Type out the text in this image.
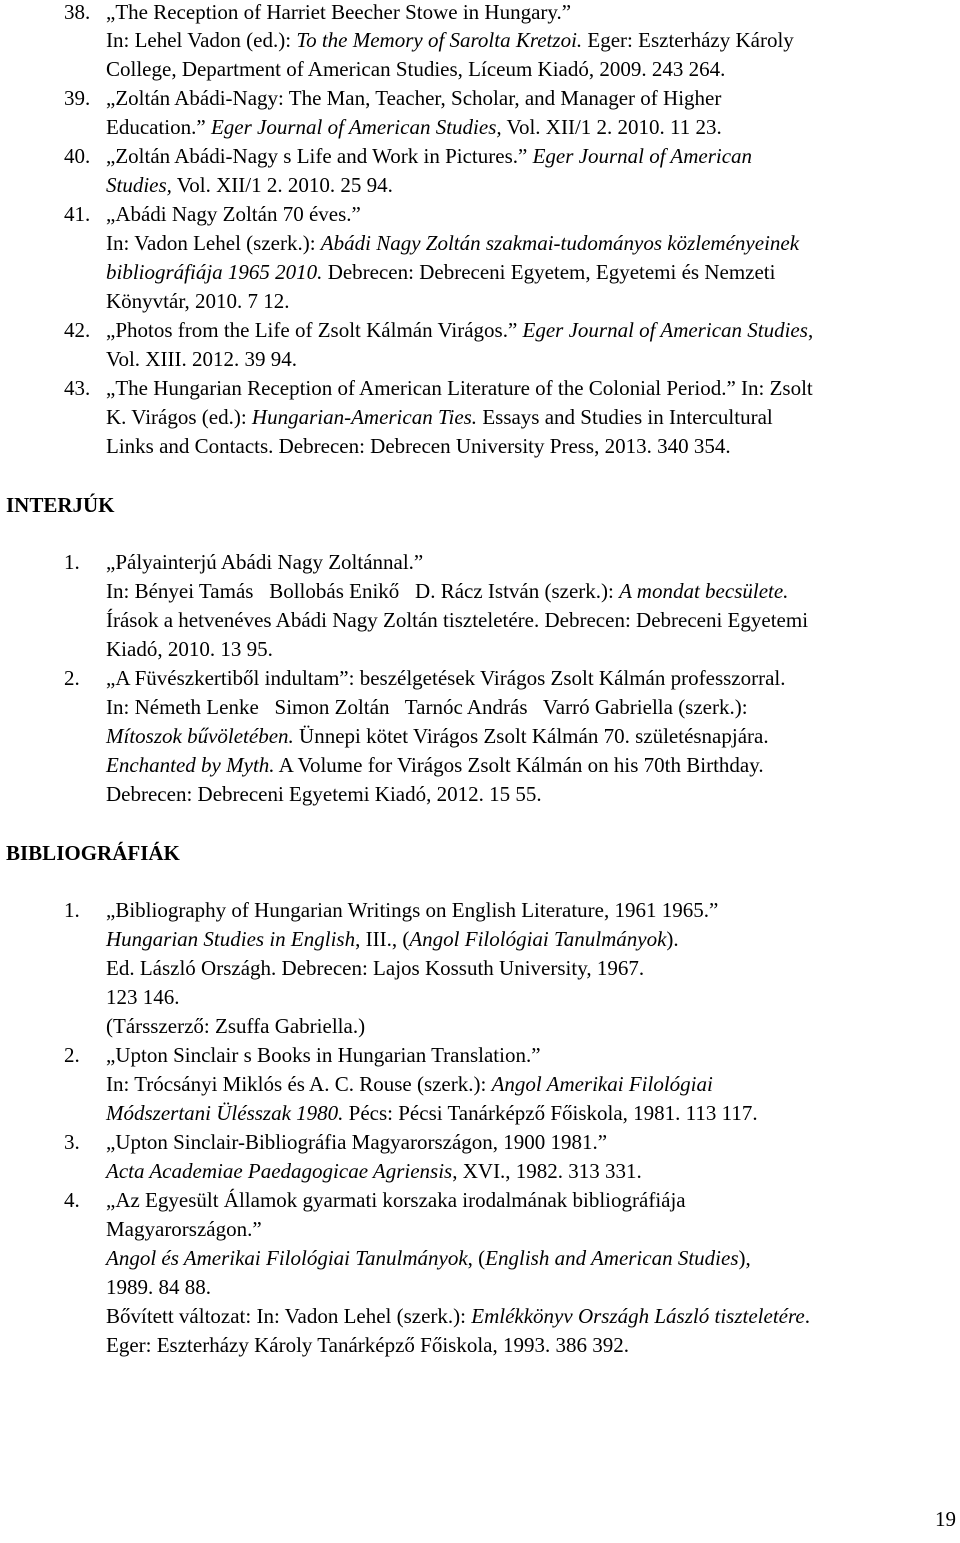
38. „The Reception of Harriet Beecher Stowe in Hungary.”
In: Lehel Vadon (ed.): To the Memory of Sarolta Kretzoi. Eger: Eszterházy Károly
College, Department of American Studies, Líceum Kiadó, 2009. 243 264.
39. „Zoltán Abádi-Nagy: The Man, Teacher, Scholar, and Manager of Higher
Education.” Eger Journal of American Studies, Vol. XII/1 2. 2010. 11 23.
40. „Zoltán Abádi-Nagy s Life and Work in Pictures.” Eger Journal of American
Studies, Vol. XII/1 2. 2010. 25 94.
41. „Abádi Nagy Zoltán 70 éves.”
In: Vadon Lehel (szerk.): Abádi Nagy Zoltán szakmai-tudományos közleményeinek
bibliográfiája 1965 2010. Debrecen: Debreceni Egyetem, Egyetemi és Nemzeti
Könyvtár, 2010. 7 12.
42. „Photos from the Life of Zsolt Kálmán Virágos.” Eger Journal of American Studies,
Vol. XIII. 2012. 39 94.
43. „The Hungarian Reception of American Literature of the Colonial Period.” In: Zsolt
K. Virágos (ed.): Hungarian-American Ties. Essays and Studies in Intercultural
Links and Contacts. Debrecen: Debrecen University Press, 2013. 340 354.
INTERJÚK
1. „Pályainterjú Abádi Nagy Zoltánnal.”
In: Bényei Tamás   Bollobás Enikő   D. Rácz István (szerk.): A mondat becsülete.
Írások a hetvenéves Abádi Nagy Zoltán tiszteletére. Debrecen: Debreceni Egyetemi
Kiadó, 2010. 13 95.
2. „A Füvészkertiből indultam”: beszélgetések Virágos Zsolt Kálmán professzorral.
In: Németh Lenke   Simon Zoltán   Tarnóc András   Varró Gabriella (szerk.):
Mítoszok bűvöletében. Ünnepi kötet Virágos Zsolt Kálmán 70. születésnapjára.
Enchanted by Myth. A Volume for Virágos Zsolt Kálmán on his 70th Birthday.
Debrecen: Debreceni Egyetemi Kiadó, 2012. 15 55.
BIBLIOGRÁFIÁK
1. „Bibliography of Hungarian Writings on English Literature, 1961 1965.”
Hungarian Studies in English, III., (Angol Filológiai Tanulmányok).
Ed. László Országh. Debrecen: Lajos Kossuth University, 1967.
123 146.
(Társszerző: Zsuffa Gabriella.)
2. „Upton Sinclair s Books in Hungarian Translation.”
In: Trócsányi Miklós és A. C. Rouse (szerk.): Angol Amerikai Filológiai
Módszertani Ülésszak 1980. Pécs: Pécsi Tanárképző Főiskola, 1981. 113 117.
3. „Upton Sinclair-Bibliográfia Magyarországon, 1900 1981.”
Acta Academiae Paedagogicae Agriensis, XVI., 1982. 313 331.
4. „Az Egyesült Államok gyarmati korszaka irodalmának bibliográfiája
Magyarországon.”
Angol és Amerikai Filológiai Tanulmányok, (English and American Studies),
1989. 84 88.
Bővített változat: In: Vadon Lehel (szerk.): Emlékkönyv Országh László tiszteletére.
Eger: Eszterházy Károly Tanárképző Főiskola, 1993. 386 392.
19
